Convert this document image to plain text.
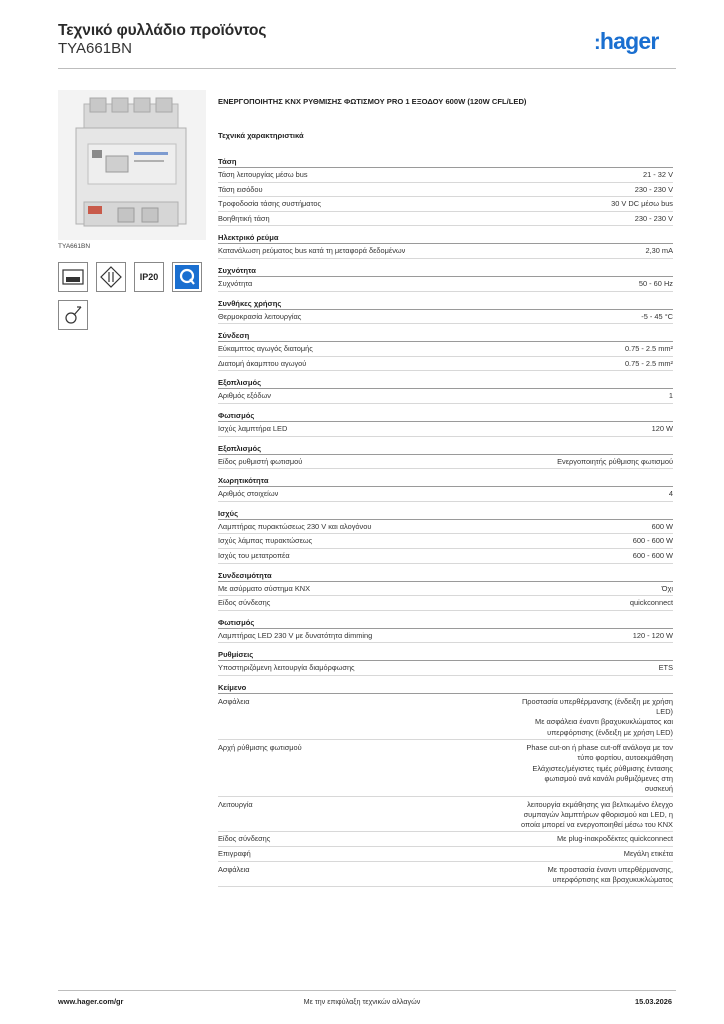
Τεχνικό φυλλάδιο προϊόντος
TYA661BN	:hager
TYA661BN
IP20
ΕΝΕΡΓΟΠΟΙΗΤΗΣ KNX ΡΥΘΜΙΣΗΣ ΦΩΤΙΣΜΟΥ PRO 1 ΕΞΟΔΟΥ 600W (120W CFL/LED)
Τεχνικά χαρακτηριστικά
Τάση
Τάση λειτουργίας μέσω bus	21 - 32 V
Τάση εισόδου	230 - 230 V
Τροφοδοσία τάσης συστήματος	30 V DC μέσω bus
Βοηθητική τάση	230 - 230 V
Ηλεκτρικό ρεύμα
Κατανάλωση ρεύματος bus κατά τη μεταφορά δεδομένων	2,30 mA
Συχνότητα
Συχνότητα	50 - 60 Hz
Συνθήκες χρήσης
Θερμοκρασία λειτουργίας	-5 - 45 °C
Σύνδεση
Εύκαμπτος αγωγός διατομής	0.75 - 2.5 mm²
Διατομή άκαμπτου αγωγού	0.75 - 2.5 mm²
Εξοπλισμός
Αριθμός εξόδων	1
Φωτισμός
Ισχύς λαμπτήρα LED	120 W
Εξοπλισμός
Είδος ρυθμιστή φωτισμού	Ενεργοποιητής ρύθμισης φωτισμού
Χωρητικότητα
Αριθμός στοιχείων	4
Ισχύς
Λαμπτήρας πυρακτώσεως 230 V και αλογόνου	600 W
Ισχύς λάμπας πυρακτώσεως	600 - 600 W
Ισχύς του μετατροπέα	600 - 600 W
Συνδεσιμότητα
Με ασύρματο σύστημα KNX	Όχι
Είδος σύνδεσης	quickconnect
Φωτισμός
Λαμπτήρας LED 230 V με δυνατότητα dimming	120 - 120 W
Ρυθμίσεις
Υποστηριζόμενη λειτουργία διαμόρφωσης	ETS
Κείμενο
Ασφάλεια	Προστασία υπερθέρμανσης (ένδειξη με χρήση
LED)
Με ασφάλεια έναντι βραχυκυκλώματος και
υπερφόρτισης (ένδειξη με χρήση LED)
Αρχή ρύθμισης φωτισμού	Phase cut-on ή phase cut-off ανάλογα με τον
τύπο φορτίου, αυτοεκμάθηση
Ελάχιστες/μέγιστες τιμές ρύθμισης έντασης
φωτισμού ανά κανάλι ρυθμιζόμενες στη
συσκευή
Λειτουργία	λειτουργία εκμάθησης για βελτιωμένο έλεγχο
συμπαγών λαμπτήρων φθορισμού και LED, η
οποία μπορεί να ενεργοποιηθεί μέσω του KNX
Είδος σύνδεσης	Με plug-inακροδέκτες quickconnect
Επιγραφή	Μεγάλη ετικέτα
Ασφάλεια	Με προστασία έναντι υπερθέρμανσης,
υπερφόρτισης και βραχυκυκλώματος
www.hager.com/gr	Με την επιφύλαξη τεχνικών αλλαγών	15.03.2026
